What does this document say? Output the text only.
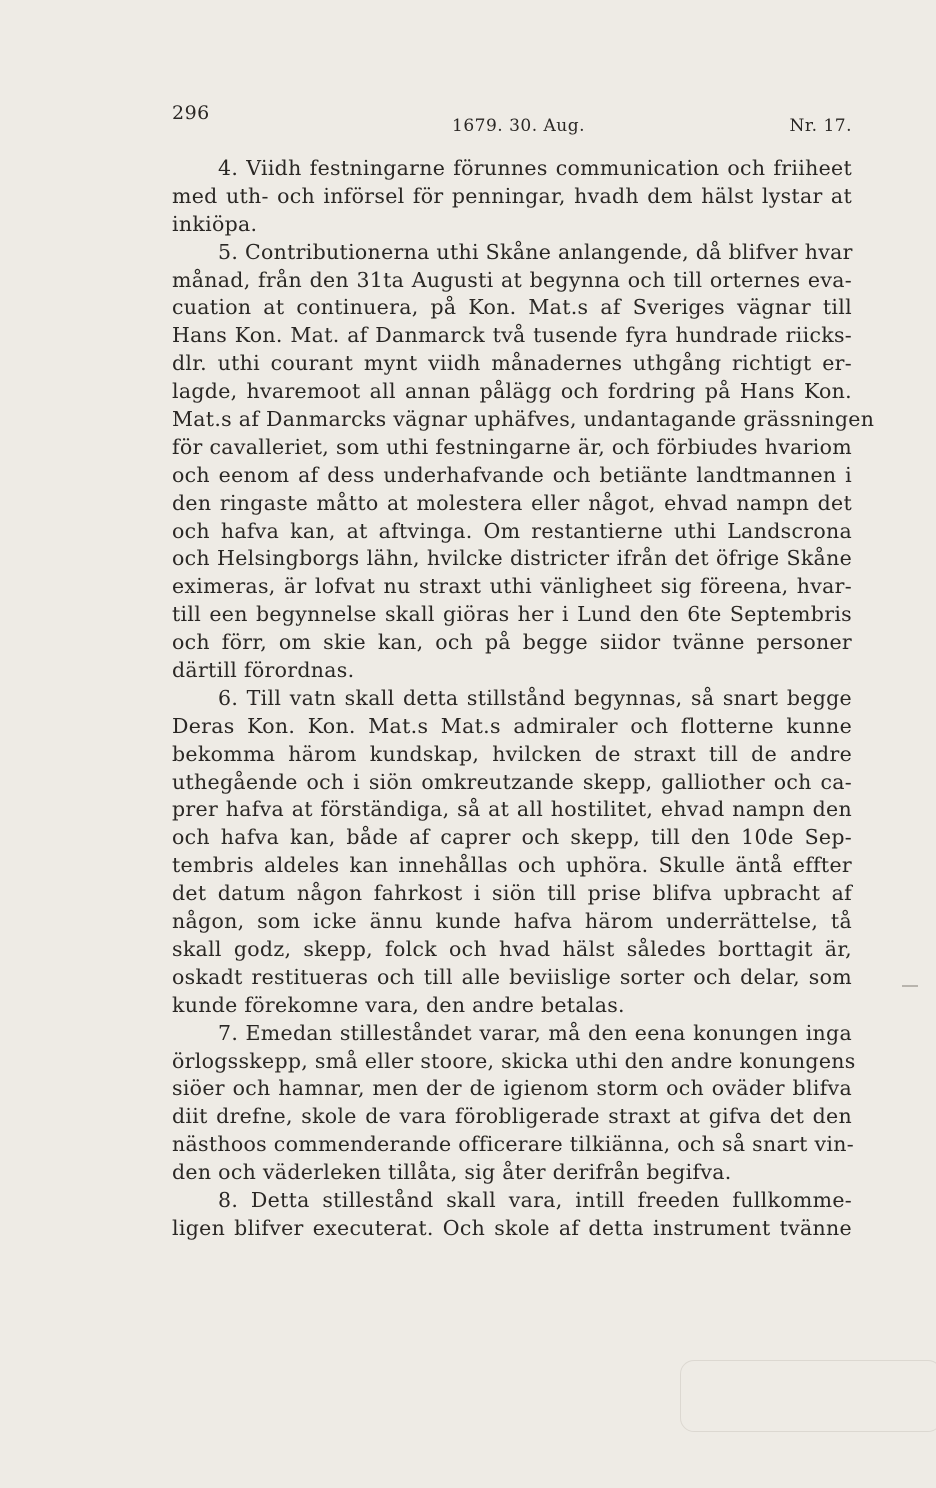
296
1679. 30. Aug.	Nr. 17.
4. Viidh festningarne förunnes communication och friiheet
med uth- och införsel för penningar, hvadh dem hälst lystar at
inkiöpa.
5. Contributionerna uthi Skåne anlangende, då blifver hvar
månad, från den 31ta Augusti at begynna och till orternes eva-
cuation at continuera, på Kon. Mat.s af Sveriges vägnar till
Hans Kon. Mat. af Danmarck två tusende fyra hundrade riicks-
dlr. uthi courant mynt viidh månadernes uthgång richtigt er-
lagde, hvaremoot all annan pålägg och fordring på Hans Kon.
Mat.s af Danmarcks vägnar uphäfves, undantagande grässningen
för cavalleriet, som uthi festningarne är, och förbiudes hvariom
och eenom af dess underhafvande och betiänte landtmannen i
den ringaste måtto at molestera eller något, ehvad nampn det
och hafva kan, at aftvinga. Om restantierne uthi Landscrona
och Helsingborgs lähn, hvilcke districter ifrån det öfrige Skåne
eximeras, är lofvat nu straxt uthi vänligheet sig föreena, hvar-
till een begynnelse skall giöras her i Lund den 6te Septembris
och förr, om skie kan, och på begge siidor tvänne personer
därtill förordnas.
6. Till vatn skall detta stillstånd begynnas, så snart begge
Deras Kon. Kon. Mat.s Mat.s admiraler och flotterne kunne
bekomma härom kundskap, hvilcken de straxt till de andre
uthegående och i siön omkreutzande skepp, galliother och ca-
prer hafva at förständiga, så at all hostilitet, ehvad nampn den
och hafva kan, både af caprer och skepp, till den 10de Sep-
tembris aldeles kan innehållas och uphöra. Skulle äntå effter
det datum någon fahrkost i siön till prise blifva upbracht af
någon, som icke ännu kunde hafva härom underrättelse, tå
skall godz, skepp, folck och hvad hälst således borttagit är,
oskadt restitueras och till alle beviislige sorter och delar, som
kunde förekomne vara, den andre betalas.
7. Emedan stilleståndet varar, må den eena konungen inga
örlogsskepp, små eller stoore, skicka uthi den andre konungens
siöer och hamnar, men der de igienom storm och oväder blifva
diit drefne, skole de vara förobligerade straxt at gifva det den
nästhoos commenderande officerare tilkiänna, och så snart vin-
den och väderleken tillåta, sig åter derifrån begifva.
8. Detta stillestånd skall vara, intill freeden fullkomme-
ligen blifver executerat. Och skole af detta instrument tvänne
